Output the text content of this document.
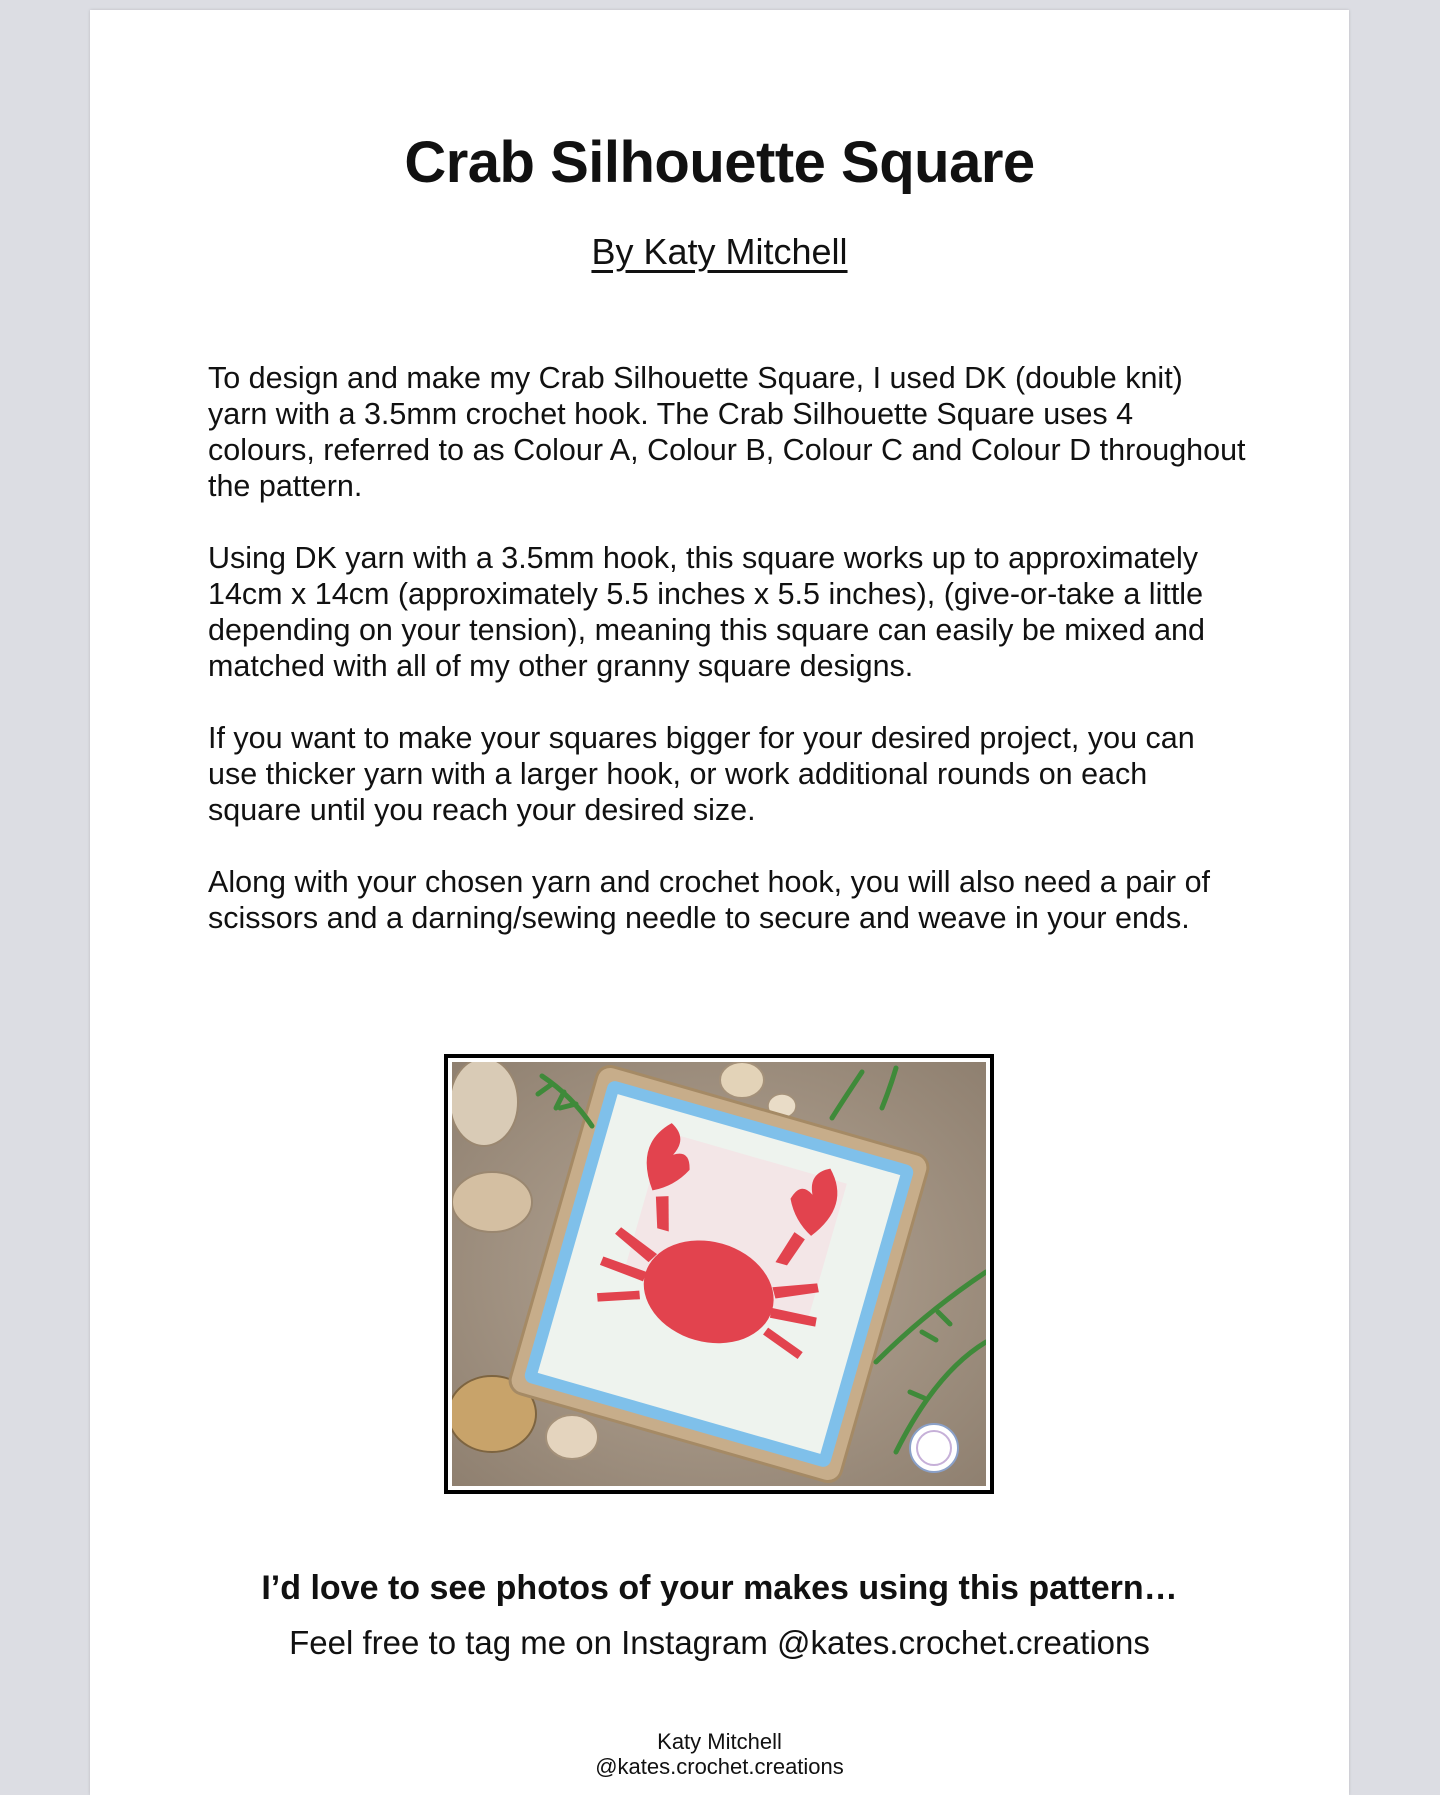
Crab Silhouette Square
By Katy Mitchell

To design and make my Crab Silhouette Square, I used DK (double knit) yarn with a 3.5mm crochet hook. The Crab Silhouette Square uses 4 colours, referred to as Colour A, Colour B, Colour C and Colour D throughout the pattern.

Using DK yarn with a 3.5mm hook, this square works up to approximately 14cm x 14cm (approximately 5.5 inches x 5.5 inches), (give-or-take a little depending on your tension), meaning this square can easily be mixed and matched with all of my other granny square designs.

If you want to make your squares bigger for your desired project, you can use thicker yarn with a larger hook, or work additional rounds on each square until you reach your desired size.

Along with your chosen yarn and crochet hook, you will also need a pair of scissors and a darning/sewing needle to secure and weave in your ends.

I’d love to see photos of your makes using this pattern…
Feel free to tag me on Instagram @kates.crochet.creations
Katy Mitchell
@kates.crochet.creations
